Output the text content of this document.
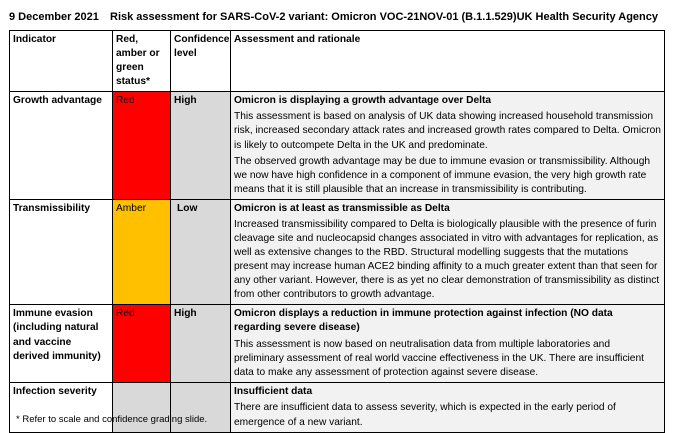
9 December 2021 Risk assessment for SARS-CoV-2 variant: Omicron VOC-21NOV-01 (B.1.1.529) UK Health Security Agency
Indicator	Red, amber or green status*	Confidence level	Assessment and rationale
Growth advantage	Red	High	Omicron is displaying a growth advantage over Delta

This assessment is based on analysis of UK data showing increased household transmission risk, increased secondary attack rates and increased growth rates compared to Delta. Omicron is likely to outcompete Delta in the UK and predominate.

The observed growth advantage may be due to immune evasion or transmissibility. Although we now have high confidence in a component of immune evasion, the very high growth rate means that it is still plausible that an increase in transmissibility is contributing.

Transmissibility	Amber	Low	Omicron is at least as transmissible as Delta

Increased transmissibility compared to Delta is biologically plausible with the presence of furin cleavage site and nucleocapsid changes associated in vitro with advantages for replication, as well as extensive changes to the RBD. Structural modelling suggests that the mutations present may increase human ACE2 binding affinity to a much greater extent than that seen for any other variant. However, there is as yet no clear demonstration of transmissibility as distinct from other contributors to growth advantage.

Immune evasion (including natural and vaccine derived immunity)	Red	High	Omicron displays a reduction in immune protection against infection (NO data regarding severe disease)

This assessment is now based on neutralisation data from multiple laboratories and preliminary assessment of real world vaccine effectiveness in the UK. There are insufficient data to make any assessment of protection against severe disease.

Infection severity			Insufficient data

There are insufficient data to assess severity, which is expected in the early period of emergence of a new variant.

* Refer to scale and confidence grading slide.
